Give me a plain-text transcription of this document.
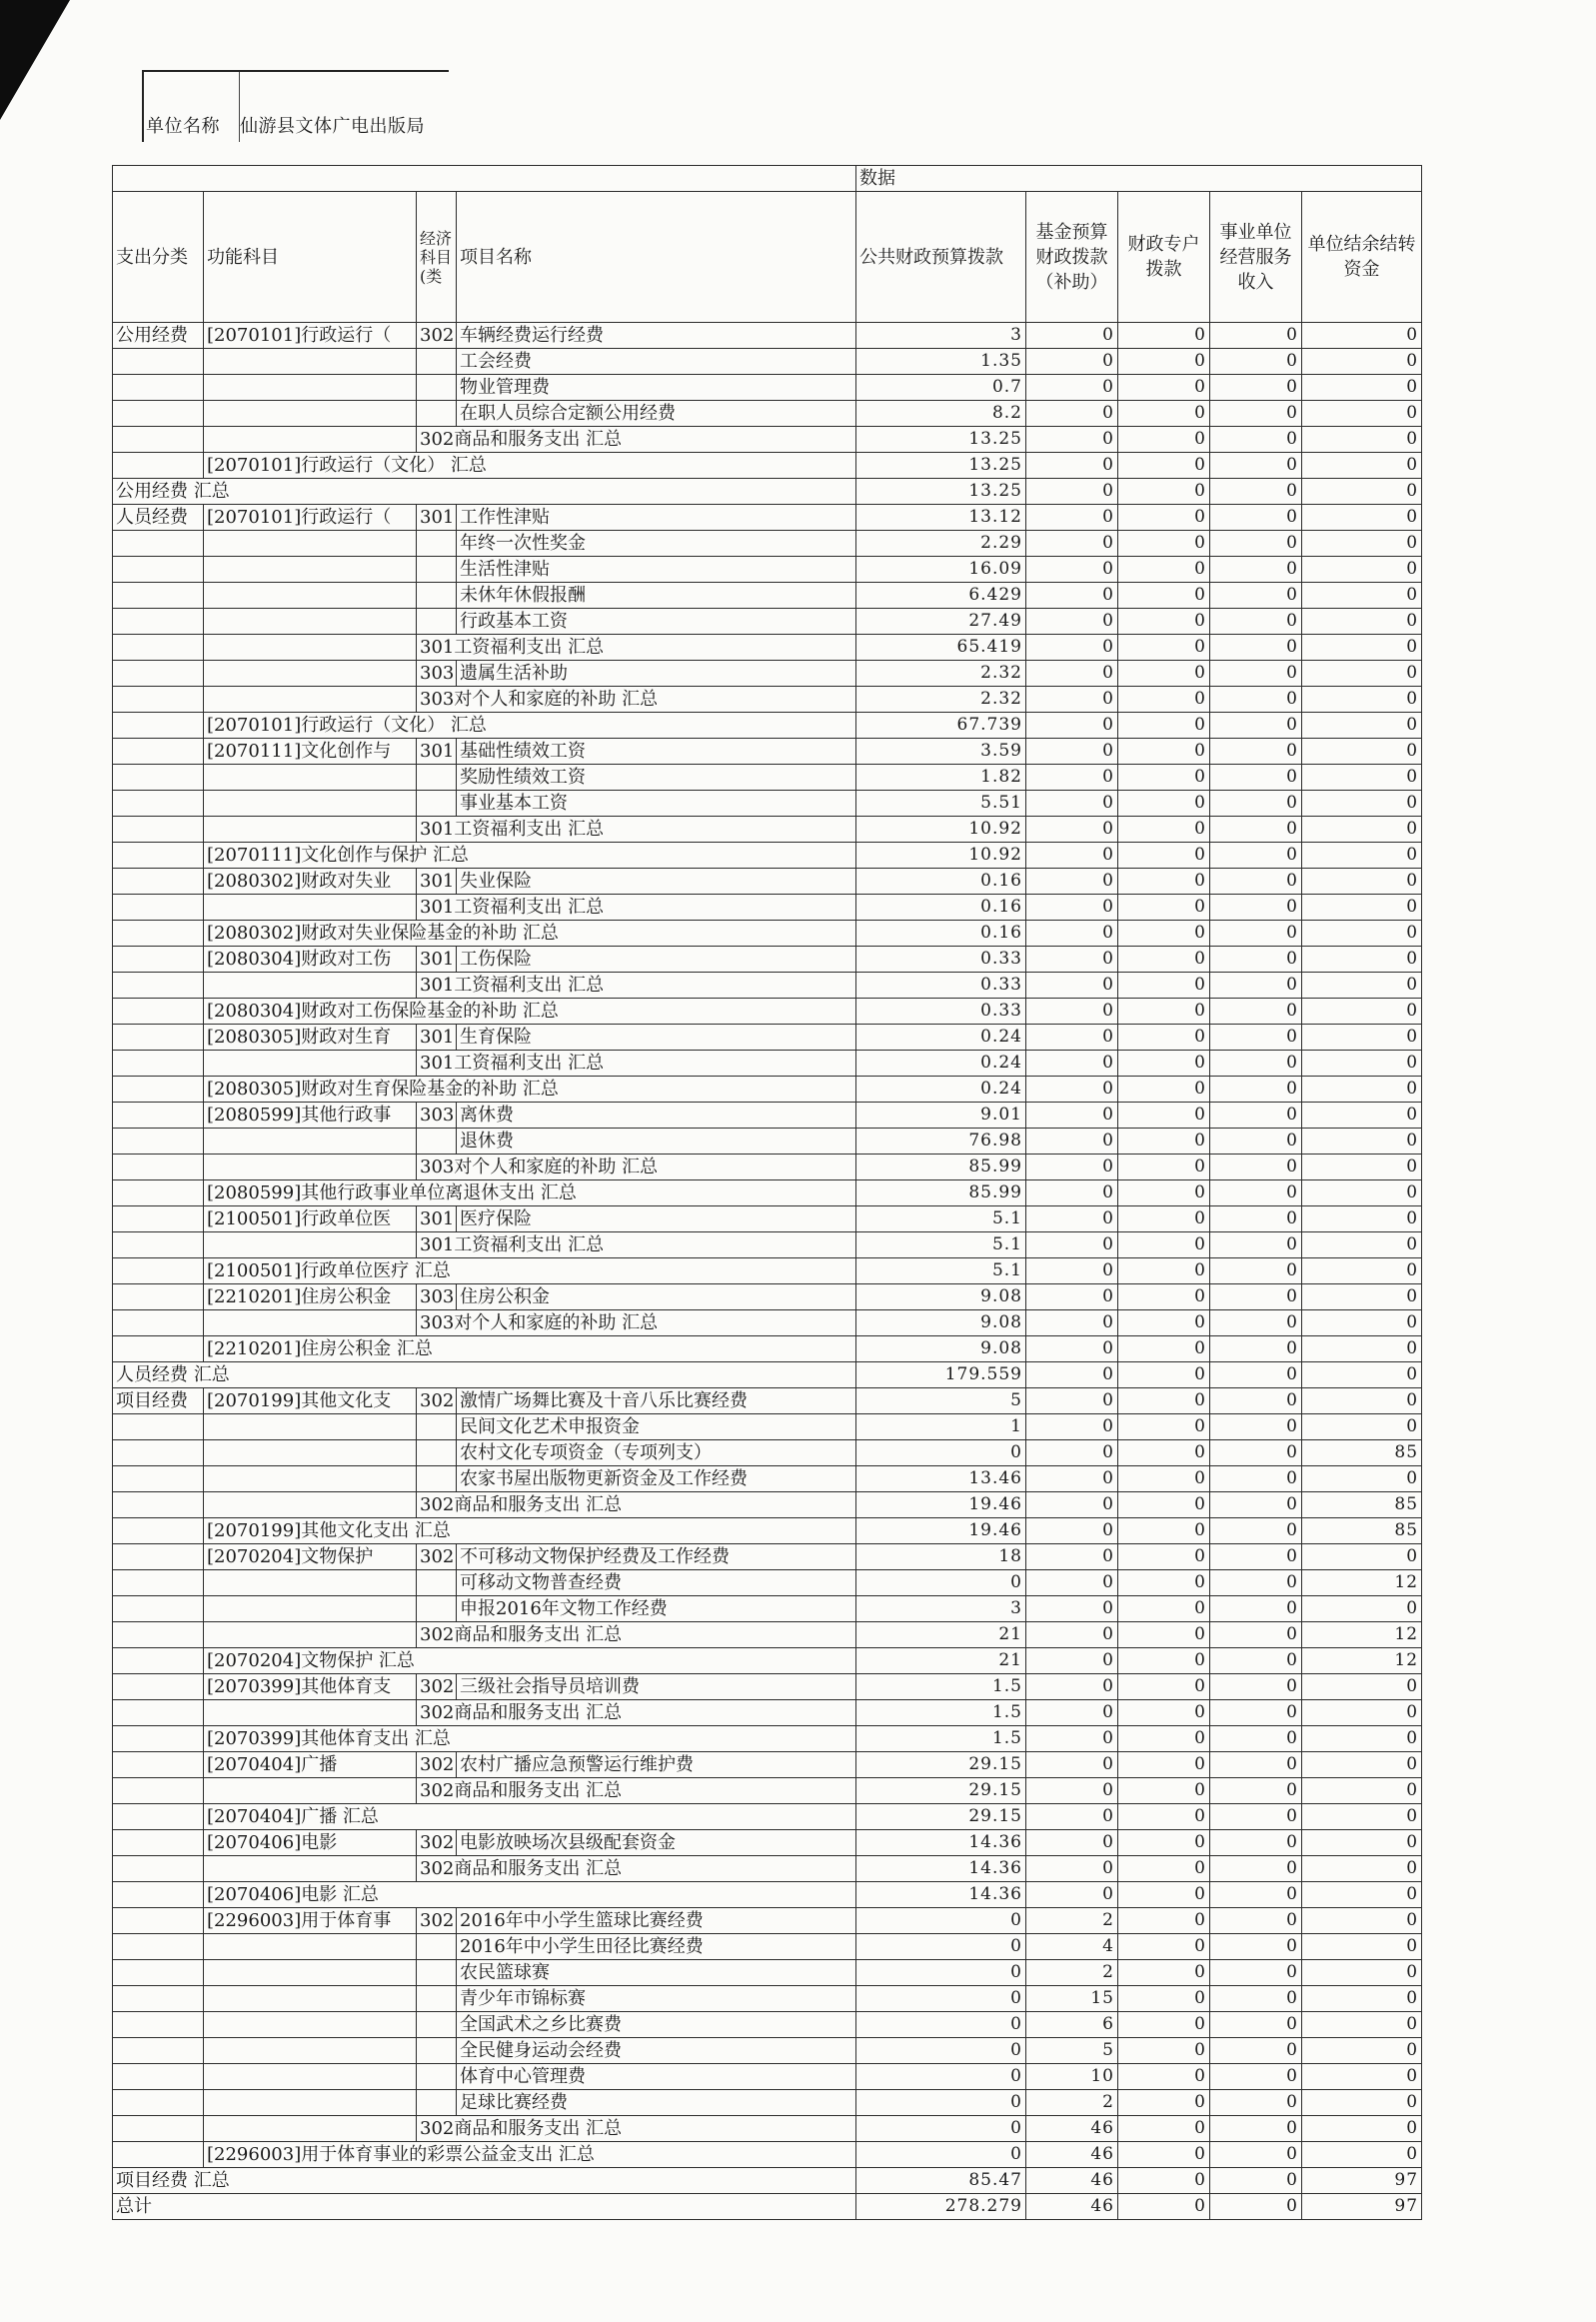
单位名称 仙游县文体广电出版局
				数据				
支出分类	功能科目	经济科目(类	项目名称	公共财政预算拨款	基金预算财政拨款（补助）	财政专户拨款	事业单位经营服务收入	单位结余结转资金
公用经费	[2070101]行政运行（	302	车辆经费运行经费	3	0	0	0	0
			工会经费	1.35	0	0	0	0
			物业管理费	0.7	0	0	0	0
			在职人员综合定额公用经费	8.2	0	0	0	0
		302商品和服务支出 汇总		13.25	0	0	0	0
	[2070101]行政运行（文化） 汇总			13.25	0	0	0	0
公用经费 汇总				13.25	0	0	0	0
人员经费	[2070101]行政运行（	301	工作性津贴	13.12	0	0	0	0
			年终一次性奖金	2.29	0	0	0	0
			生活性津贴	16.09	0	0	0	0
			未休年休假报酬	6.429	0	0	0	0
			行政基本工资	27.49	0	0	0	0
		301工资福利支出 汇总		65.419	0	0	0	0
		303	遗属生活补助	2.32	0	0	0	0
		303对个人和家庭的补助 汇总		2.32	0	0	0	0
	[2070101]行政运行（文化） 汇总			67.739	0	0	0	0
	[2070111]文化创作与	301	基础性绩效工资	3.59	0	0	0	0
			奖励性绩效工资	1.82	0	0	0	0
			事业基本工资	5.51	0	0	0	0
		301工资福利支出 汇总		10.92	0	0	0	0
	[2070111]文化创作与保护 汇总			10.92	0	0	0	0
	[2080302]财政对失业	301	失业保险	0.16	0	0	0	0
		301工资福利支出 汇总		0.16	0	0	0	0
	[2080302]财政对失业保险基金的补助 汇总			0.16	0	0	0	0
	[2080304]财政对工伤	301	工伤保险	0.33	0	0	0	0
		301工资福利支出 汇总		0.33	0	0	0	0
	[2080304]财政对工伤保险基金的补助 汇总			0.33	0	0	0	0
	[2080305]财政对生育	301	生育保险	0.24	0	0	0	0
		301工资福利支出 汇总		0.24	0	0	0	0
	[2080305]财政对生育保险基金的补助 汇总			0.24	0	0	0	0
	[2080599]其他行政事	303	离休费	9.01	0	0	0	0
			退休费	76.98	0	0	0	0
		303对个人和家庭的补助 汇总		85.99	0	0	0	0
	[2080599]其他行政事业单位离退休支出 汇总			85.99	0	0	0	0
	[2100501]行政单位医	301	医疗保险	5.1	0	0	0	0
		301工资福利支出 汇总		5.1	0	0	0	0
	[2100501]行政单位医疗 汇总			5.1	0	0	0	0
	[2210201]住房公积金	303	住房公积金	9.08	0	0	0	0
		303对个人和家庭的补助 汇总		9.08	0	0	0	0
	[2210201]住房公积金 汇总			9.08	0	0	0	0
人员经费 汇总				179.559	0	0	0	0
项目经费	[2070199]其他文化支	302	激情广场舞比赛及十音八乐比赛经费	5	0	0	0	0
			民间文化艺术申报资金	1	0	0	0	0
			农村文化专项资金（专项列支）	0	0	0	0	85
			农家书屋出版物更新资金及工作经费	13.46	0	0	0	0
		302商品和服务支出 汇总		19.46	0	0	0	85
	[2070199]其他文化支出 汇总			19.46	0	0	0	85
	[2070204]文物保护	302	不可移动文物保护经费及工作经费	18	0	0	0	0
			可移动文物普查经费	0	0	0	0	12
			申报2016年文物工作经费	3	0	0	0	0
		302商品和服务支出 汇总		21	0	0	0	12
	[2070204]文物保护 汇总			21	0	0	0	12
	[2070399]其他体育支	302	三级社会指导员培训费	1.5	0	0	0	0
		302商品和服务支出 汇总		1.5	0	0	0	0
	[2070399]其他体育支出 汇总			1.5	0	0	0	0
	[2070404]广播	302	农村广播应急预警运行维护费	29.15	0	0	0	0
		302商品和服务支出 汇总		29.15	0	0	0	0
	[2070404]广播 汇总			29.15	0	0	0	0
	[2070406]电影	302	电影放映场次县级配套资金	14.36	0	0	0	0
		302商品和服务支出 汇总		14.36	0	0	0	0
	[2070406]电影 汇总			14.36	0	0	0	0
	[2296003]用于体育事	302	2016年中小学生篮球比赛经费	0	2	0	0	0
			2016年中小学生田径比赛经费	0	4	0	0	0
			农民篮球赛	0	2	0	0	0
			青少年市锦标赛	0	15	0	0	0
			全国武术之乡比赛费	0	6	0	0	0
			全民健身运动会经费	0	5	0	0	0
			体育中心管理费	0	10	0	0	0
			足球比赛经费	0	2	0	0	0
		302商品和服务支出 汇总		0	46	0	0	0
	[2296003]用于体育事业的彩票公益金支出 汇总			0	46	0	0	0
项目经费 汇总				85.47	46	0	0	97
总计				278.279	46	0	0	97
